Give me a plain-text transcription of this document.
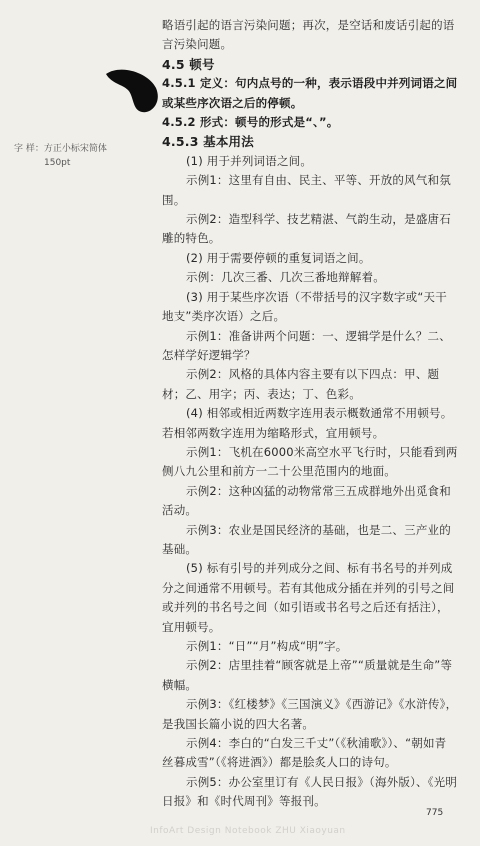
字 样：方正小标宋简体
150pt

略语引起的语言污染问题；再次，是空话和废话引起的语言污染问题。

4.5 顿号

4.5.1 定义：句内点号的一种，表示语段中并列词语之间或某些序次语之后的停顿。

4.5.2 形式：顿号的形式是“、”。

4.5.3 基本用法

(1) 用于并列词语之间。

示例1：这里有自由、民主、平等、开放的风气和氛围。

示例2：造型科学、技艺精湛、气韵生动，是盛唐石雕的特色。

(2) 用于需要停顿的重复词语之间。

示例：几次三番、几次三番地辩解着。

(3) 用于某些序次语（不带括号的汉字数字或“天干地支”类序次语）之后。

示例1：准备讲两个问题：一、逻辑学是什么？二、怎样学好逻辑学？

示例2：风格的具体内容主要有以下四点：甲、题材；乙、用字；丙、表达；丁、色彩。

(4) 相邻或相近两数字连用表示概数通常不用顿号。若相邻两数字连用为缩略形式，宜用顿号。

示例1：飞机在6000米高空水平飞行时，只能看到两侧八九公里和前方一二十公里范围内的地面。

示例2：这种凶猛的动物常常三五成群地外出觅食和活动。

示例3：农业是国民经济的基础，也是二、三产业的基础。

(5) 标有引号的并列成分之间、标有书名号的并列成分之间通常不用顿号。若有其他成分插在并列的引号之间或并列的书名号之间（如引语或书名号之后还有括注），宜用顿号。

示例1：“日”“月”构成“明”字。

示例2：店里挂着“顾客就是上帝”“质量就是生命”等横幅。

示例3：《红楼梦》《三国演义》《西游记》《水浒传》，是我国长篇小说的四大名著。

示例4：李白的“白发三千丈”（《秋浦歌》）、“朝如青丝暮成雪”（《将进酒》）都是脍炙人口的诗句。

示例5：办公室里订有《人民日报》（海外版）、《光明日报》和《时代周刊》等报刊。

775
InfoArt Design Notebook ZHU Xiaoyuan
